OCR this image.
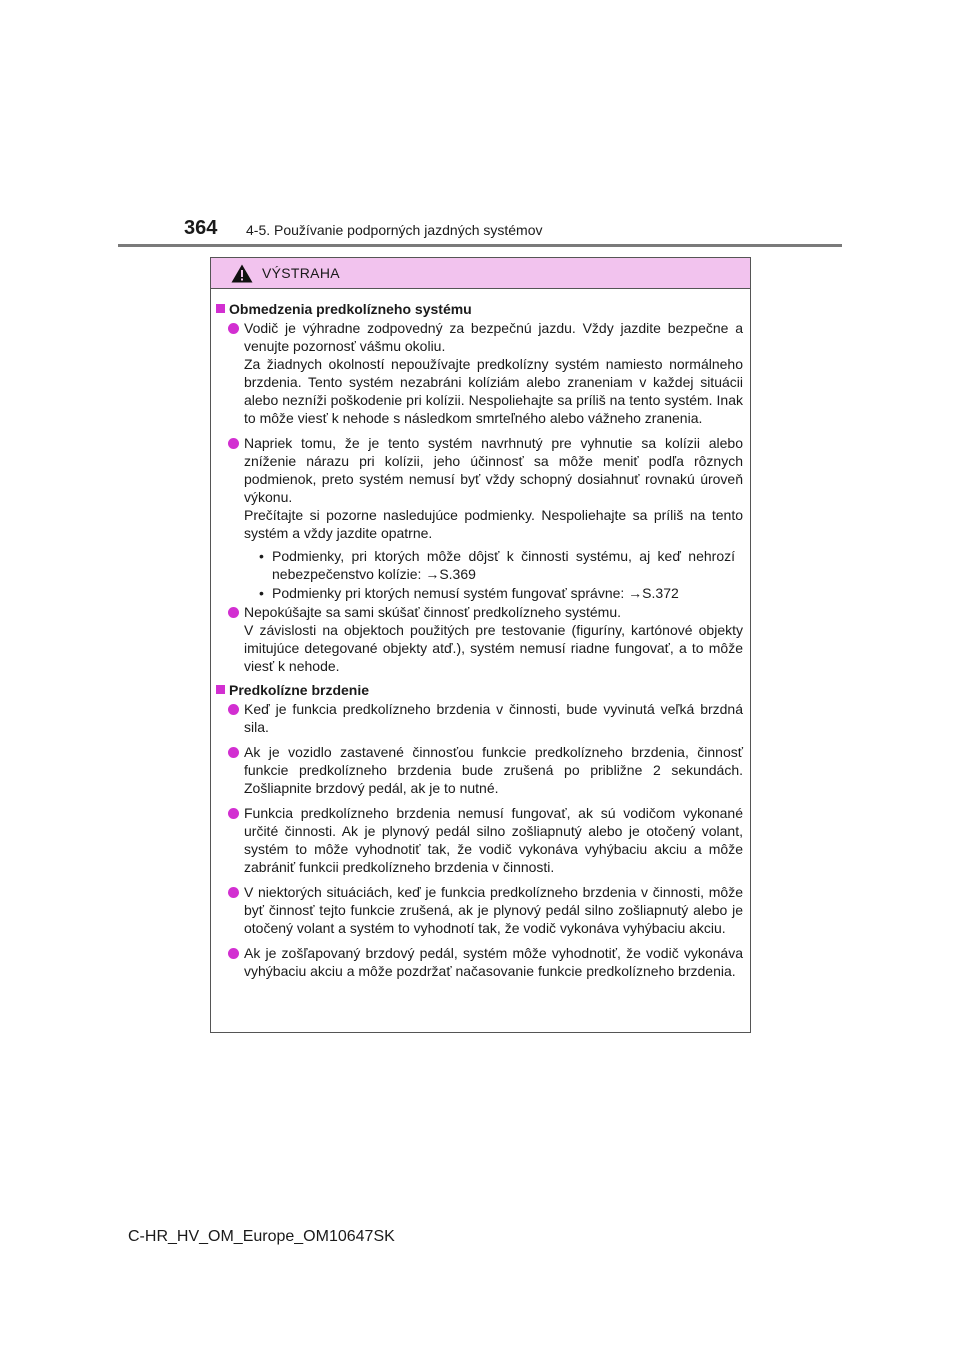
364 4-5. Používanie podporných jazdných systémov
VÝSTRAHA
Obmedzenia predkolízneho systému
Vodič je výhradne zodpovedný za bezpečnú jazdu. Vždy jazdite bezpečne a venujte pozornosť vášmu okoliu.
Za žiadnych okolností nepoužívajte predkolízny systém namiesto normálneho brzdenia. Tento systém nezabráni kolíziám alebo zraneniam v každej situácii alebo nezníži poškodenie pri kolízii. Nespoliehajte sa príliš na tento systém. Inak to môže viesť k nehode s následkom smrteľného alebo vážneho zranenia.
Napriek tomu, že je tento systém navrhnutý pre vyhnutie sa kolízii alebo zníženie nárazu pri kolízii, jeho účinnosť sa môže meniť podľa rôznych podmienok, preto systém nemusí byť vždy schopný dosiahnuť rovnakú úroveň výkonu.
Prečítajte si pozorne nasledujúce podmienky. Nespoliehajte sa príliš na tento systém a vždy jazdite opatrne.
• Podmienky, pri ktorých môže dôjsť k činnosti systému, aj keď nehrozí nebezpečenstvo kolízie: →S.369
• Podmienky pri ktorých nemusí systém fungovať správne: →S.372
Nepokúšajte sa sami skúšať činnosť predkolízneho systému.
V závislosti na objektoch použitých pre testovanie (figuríny, kartónové objekty imitujúce detegované objekty atď.), systém nemusí riadne fungovať, a to môže viesť k nehode.
Predkolízne brzdenie
Keď je funkcia predkolízneho brzdenia v činnosti, bude vyvinutá veľká brzdná sila.
Ak je vozidlo zastavené činnosťou funkcie predkolízneho brzdenia, činnosť funkcie predkolízneho brzdenia bude zrušená po približne 2 sekundách. Zošliapnite brzdový pedál, ak je to nutné.
Funkcia predkolízneho brzdenia nemusí fungovať, ak sú vodičom vykonané určité činnosti. Ak je plynový pedál silno zošliapnutý alebo je otočený volant, systém to môže vyhodnotiť tak, že vodič vykonáva vyhýbaciu akciu a môže zabrániť funkcii predkolízneho brzdenia v činnosti.
V niektorých situáciách, keď je funkcia predkolízneho brzdenia v činnosti, môže byť činnosť tejto funkcie zrušená, ak je plynový pedál silno zošliapnutý alebo je otočený volant a systém to vyhodnotí tak, že vodič vykonáva vyhýbaciu akciu.
Ak je zošľapovaný brzdový pedál, systém môže vyhodnotiť, že vodič vykonáva vyhýbaciu akciu a môže pozdržať načasovanie funkcie predkolízneho brzdenia.
C-HR_HV_OM_Europe_OM10647SK
